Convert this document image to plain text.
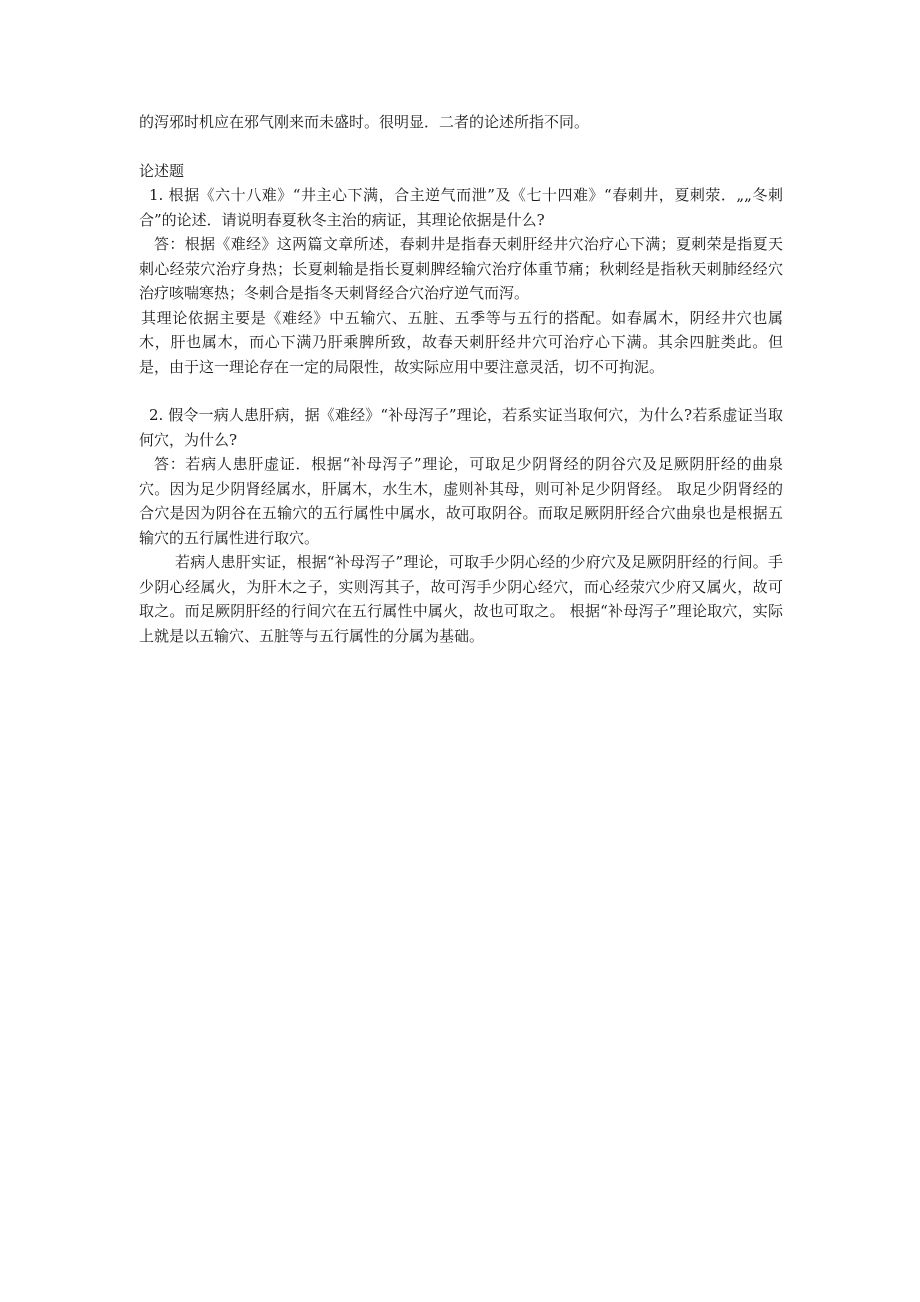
的泻邪时机应在邪气刚来而未盛时。很明显．二者的论述所指不同。

论述题

1. 根据《六十八难》“井主心下满，合主逆气而泄”及《七十四难》“春刺井，夏刺荥．„„冬刺合”的论述．请说明春夏秋冬主治的病证，其理论依据是什么?

答：根据《难经》这两篇文章所述，春刺井是指春天刺肝经井穴治疗心下满；夏刺荣是指夏天刺心经荥穴治疗身热；长夏刺输是指长夏刺脾经输穴治疗体重节痛；秋刺经是指秋天刺肺经经穴治疗咳喘寒热；冬刺合是指冬天刺肾经合穴治疗逆气而泻。

其理论依据主要是《难经》中五输穴、五脏、五季等与五行的搭配。如春属木，阴经井穴也属木，肝也属木，而心下满乃肝乘脾所致，故春天刺肝经井穴可治疗心下满。其余四脏类此。但是，由于这一理论存在一定的局限性，故实际应用中要注意灵活，切不可拘泥。

2. 假令一病人患肝病，据《难经》“补母泻子”理论，若系实证当取何穴，为什么?若系虚证当取何穴，为什么?

答：若病人患肝虚证．根据“补母泻子”理论，可取足少阴肾经的阴谷穴及足厥阴肝经的曲泉穴。因为足少阴肾经属水，肝属木，水生木，虚则补其母，则可补足少阴肾经。 取足少阴肾经的合穴是因为阴谷在五输穴的五行属性中属水，故可取阴谷。而取足厥阴肝经合穴曲泉也是根据五输穴的五行属性进行取穴。

若病人患肝实证，根据“补母泻子”理论，可取手少阴心经的少府穴及足厥阴肝经的行间。手少阴心经属火，为肝木之子，实则泻其子，故可泻手少阴心经穴，而心经荥穴少府又属火，故可取之。而足厥阴肝经的行间穴在五行属性中属火，故也可取之。 根据“补母泻子”理论取穴，实际上就是以五输穴、五脏等与五行属性的分属为基础。
